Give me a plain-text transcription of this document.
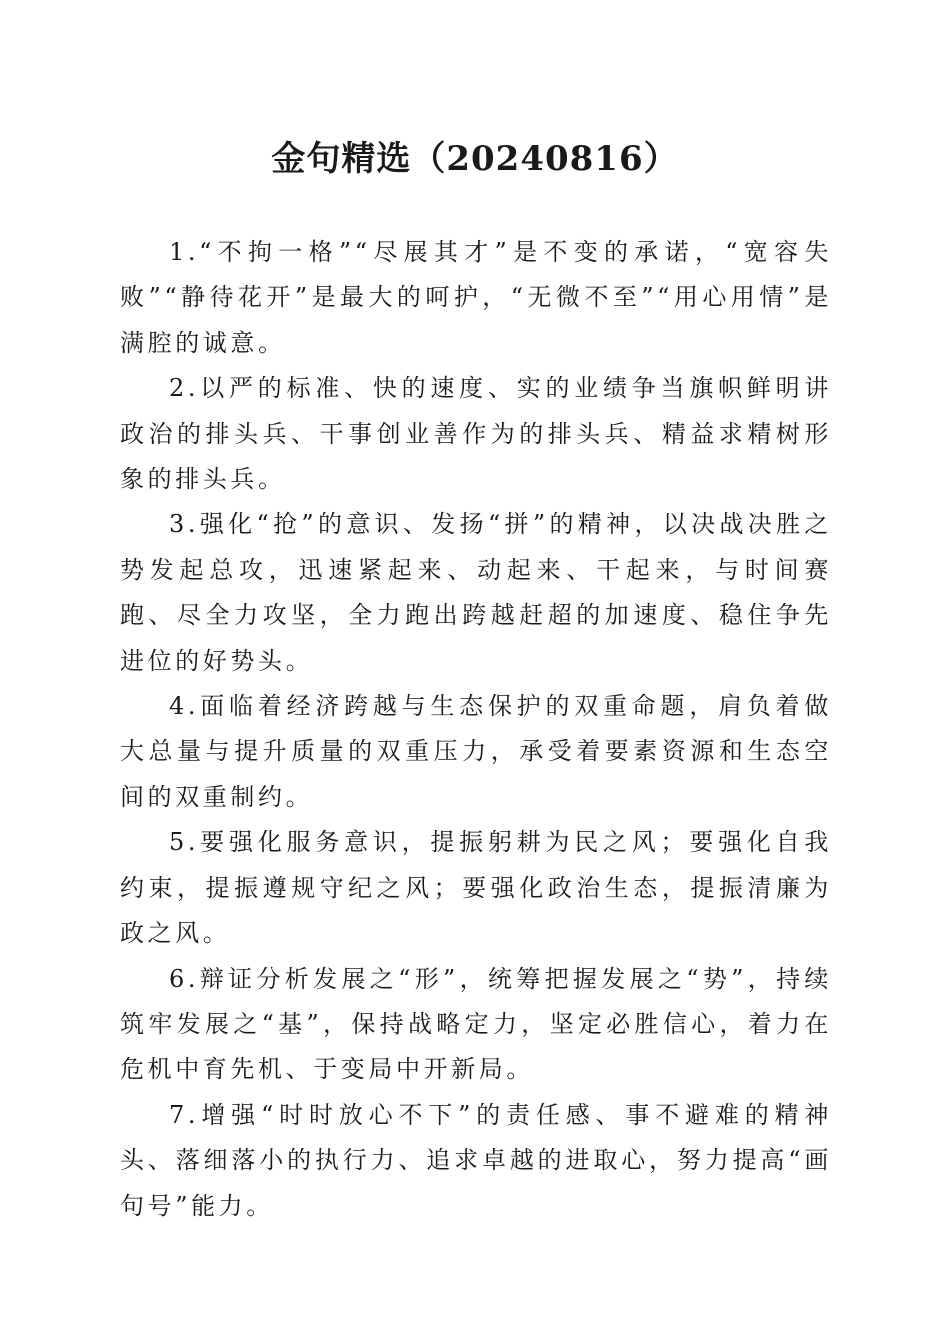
金句精选（20240816）

1.“不拘一格”“尽展其才”是不变的承诺，“宽容失败”“静待花开”是最大的呵护，“无微不至”“用心用情”是满腔的诚意。

2.以严的标准、快的速度、实的业绩争当旗帜鲜明讲政治的排头兵、干事创业善作为的排头兵、精益求精树形象的排头兵。

3.强化“抢”的意识、发扬“拼”的精神，以决战决胜之势发起总攻，迅速紧起来、动起来、干起来，与时间赛跑、尽全力攻坚，全力跑出跨越赶超的加速度、稳住争先进位的好势头。

4.面临着经济跨越与生态保护的双重命题，肩负着做大总量与提升质量的双重压力，承受着要素资源和生态空间的双重制约。

5.要强化服务意识，提振躬耕为民之风；要强化自我约束，提振遵规守纪之风；要强化政治生态，提振清廉为政之风。

6.辩证分析发展之“形”，统筹把握发展之“势”，持续筑牢发展之“基”，保持战略定力，坚定必胜信心，着力在危机中育先机、于变局中开新局。

7.增强“时时放心不下”的责任感、事不避难的精神头、落细落小的执行力、追求卓越的进取心，努力提高“画句号”能力。
